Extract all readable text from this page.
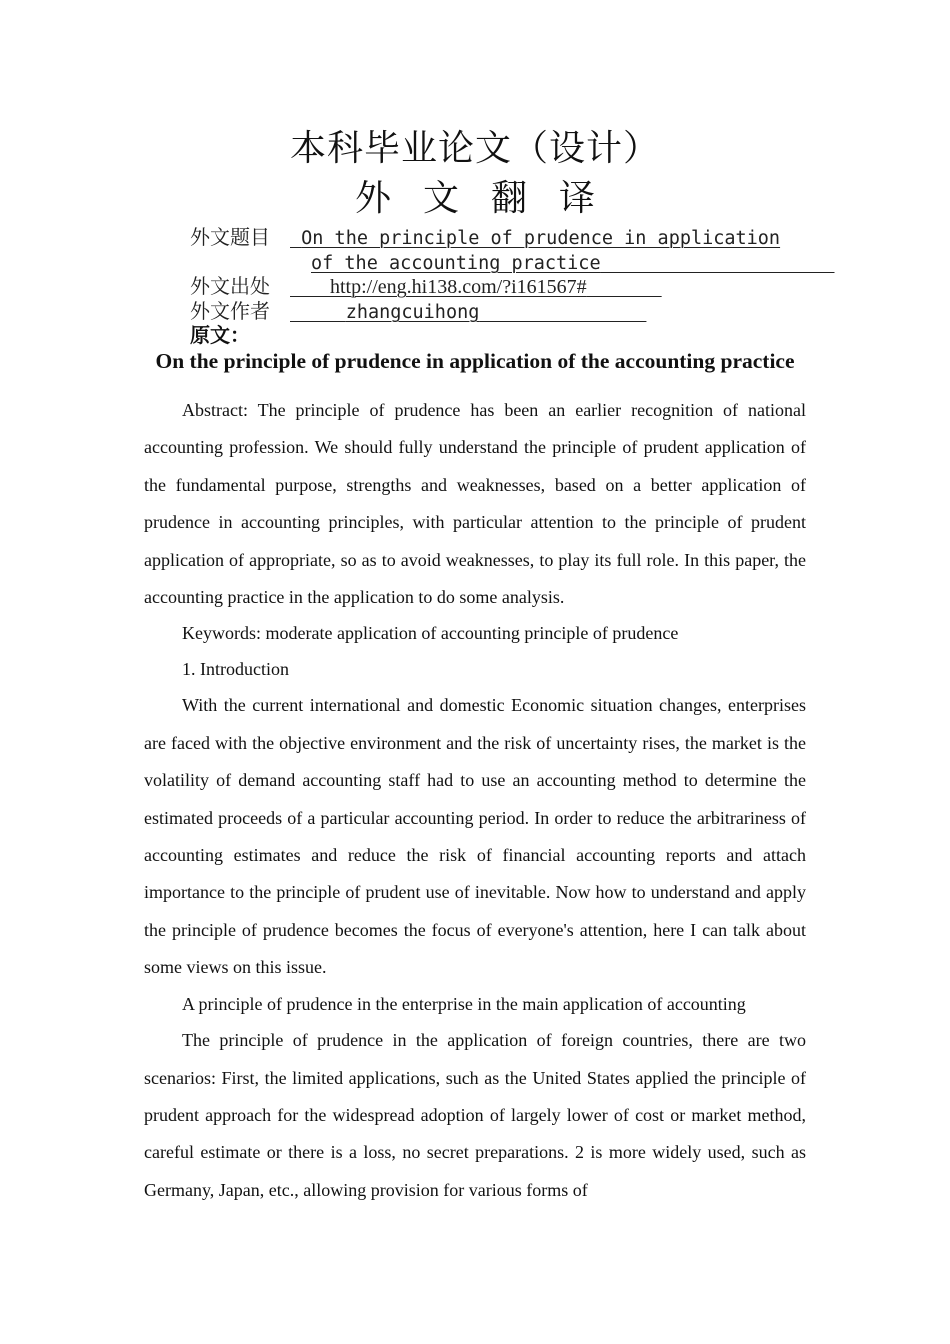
本科毕业论文（设计）
外 文 翻 译
外文题目 On the principle of prudence in application
of the accounting practice
外文出处	http://eng.hi138.com/?i161567#
外文作者	zhangcuihong
原文：
On the principle of prudence in application of the accounting practice

Abstract: The principle of prudence has been an earlier recognition of national accounting profession. We should fully understand the principle of prudent application of the fundamental purpose, strengths and weaknesses, based on a better application of prudence in accounting principles, with particular attention to the principle of prudent application of appropriate, so as to avoid weaknesses, to play its full role. In this paper, the accounting practice in the application to do some analysis.

Keywords: moderate application of accounting principle of prudence

1. Introduction

With the current international and domestic Economic situation changes, enterprises are faced with the objective environment and the risk of uncertainty rises, the market is the volatility of demand accounting staff had to use an accounting method to determine the estimated proceeds of a particular accounting period. In order to reduce the arbitrariness of accounting estimates and reduce the risk of financial accounting reports and attach importance to the principle of prudent use of inevitable. Now how to understand and apply the principle of prudence becomes the focus of everyone's attention, here I can talk about some views on this issue.

A principle of prudence in the enterprise in the main application of accounting

The principle of prudence in the application of foreign countries, there are two scenarios: First, the limited applications, such as the United States applied the principle of prudent approach for the widespread adoption of largely lower of cost or market method, careful estimate or there is a loss, no secret preparations. 2 is more widely used, such as Germany, Japan, etc., allowing provision for various forms of
